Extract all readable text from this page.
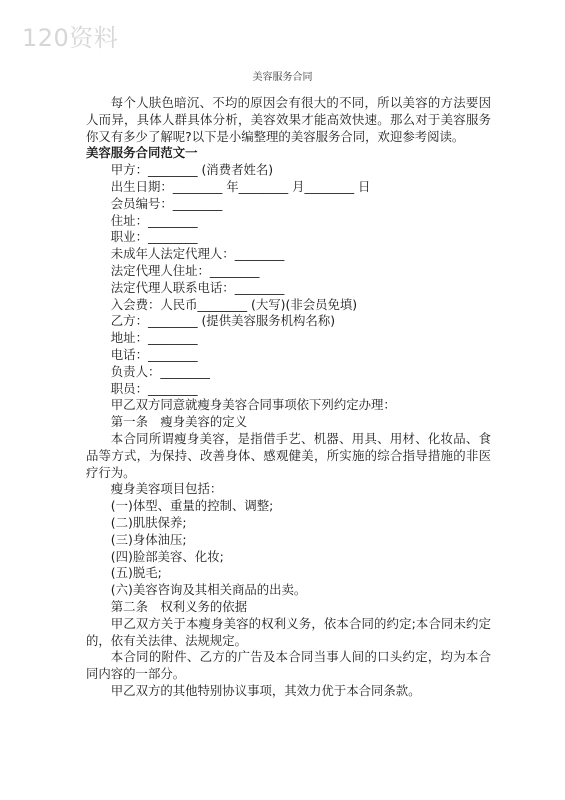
120资料
美容服务合同

每个人肤色暗沉、不均的原因会有很大的不同，所以美容的方法要因人而异，具体人群具体分析，美容效果才能高效快速。那么对于美容服务你又有多少了解呢?以下是小编整理的美容服务合同，欢迎参考阅读。

美容服务合同范文一

甲方：________ (消费者姓名)

出生日期：________ 年________ 月________ 日

会员编号：________

住址：________

职业：________

未成年人法定代理人：________

法定代理人住址：________

法定代理人联系电话：________

入会费：人民币________ (大写)(非会员免填)

乙方：________ (提供美容服务机构名称)

地址：________

电话：________

负责人：________

职员：________

甲乙双方同意就瘦身美容合同事项依下列约定办理：

第一条　瘦身美容的定义

本合同所谓瘦身美容，是指借手艺、机器、用具、用材、化妆品、食品等方式，为保持、改善身体、感观健美，所实施的综合指导措施的非医疗行为。

瘦身美容项目包括：

(一)体型、重量的控制、调整;

(二)肌肤保养;

(三)身体油压;

(四)脸部美容、化妆;

(五)脱毛;

(六)美容咨询及其相关商品的出卖。

第二条　权利义务的依据

甲乙双方关于本瘦身美容的权利义务，依本合同的约定;本合同未约定的，依有关法律、法规规定。

本合同的附件、乙方的广告及本合同当事人间的口头约定，均为本合同内容的一部分。

甲乙双方的其他特别协议事项，其效力优于本合同条款。
